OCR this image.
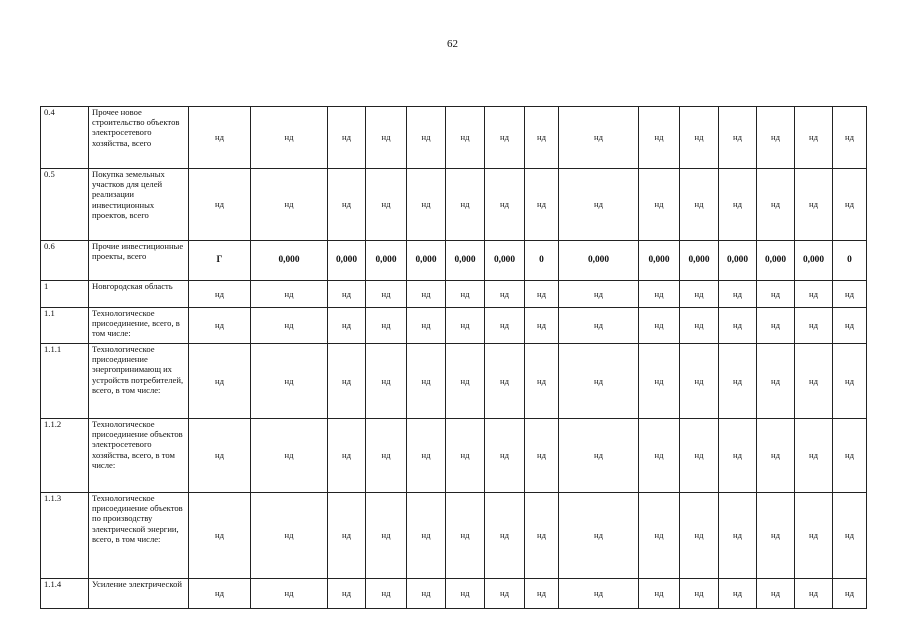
62
0.4	Прочее новое строительство объектов электросетевого хозяйства, всего	нд	нд	нд	нд	нд	нд	нд	нд	нд	нд	нд	нд	нд	нд	нд
0.5	Покупка земельных участков для целей реализации инвестиционных проектов, всего	нд	нд	нд	нд	нд	нд	нд	нд	нд	нд	нд	нд	нд	нд	нд
0.6	Прочие инвестиционные проекты, всего	Г	0,000	0,000	0,000	0,000	0,000	0,000	0	0,000	0,000	0,000	0,000	0,000	0,000	0
1	Новгородская область	нд	нд	нд	нд	нд	нд	нд	нд	нд	нд	нд	нд	нд	нд	нд
1.1	Технологическое присоединение, всего, в том числе:	нд	нд	нд	нд	нд	нд	нд	нд	нд	нд	нд	нд	нд	нд	нд
1.1.1	Технологическое присоединение энергопринимающ их устройств потребителей, всего, в том числе:	нд	нд	нд	нд	нд	нд	нд	нд	нд	нд	нд	нд	нд	нд	нд
1.1.2	Технологическое присоединение объектов электросетевого хозяйства, всего, в том числе:	нд	нд	нд	нд	нд	нд	нд	нд	нд	нд	нд	нд	нд	нд	нд
1.1.3	Технологическое присоединение объектов по производству электрической энергии, всего, в том числе:	нд	нд	нд	нд	нд	нд	нд	нд	нд	нд	нд	нд	нд	нд	нд
1.1.4	Усиление электрической	нд	нд	нд	нд	нд	нд	нд	нд	нд	нд	нд	нд	нд	нд	нд
